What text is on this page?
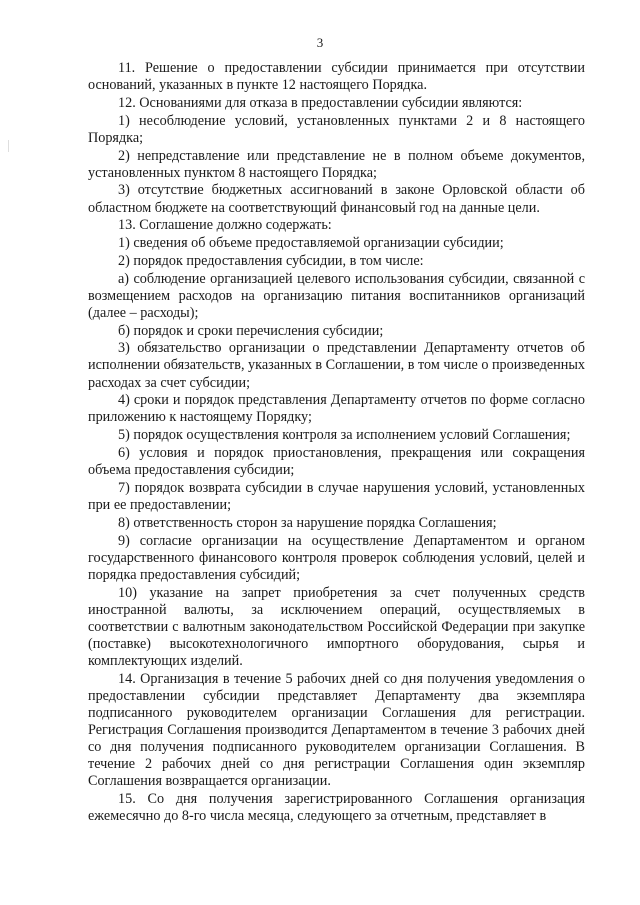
3

11. Решение о предоставлении субсидии принимается при отсутствии оснований, указанных в пункте 12 настоящего Порядка.

12. Основаниями для отказа в предоставлении субсидии являются:

1) несоблюдение условий, установленных пунктами 2 и 8 настоящего Порядка;

2) непредставление или представление не в полном объеме документов, установленных пунктом 8 настоящего Порядка;

3) отсутствие бюджетных ассигнований в законе Орловской области об областном бюджете на соответствующий финансовый год на данные цели.

13. Соглашение должно содержать:

1) сведения об объеме предоставляемой организации субсидии;

2) порядок предоставления субсидии, в том числе:

а) соблюдение организацией целевого использования субсидии, связанной с возмещением расходов на организацию питания воспитанников организаций (далее – расходы);

б) порядок и сроки перечисления субсидии;

3) обязательство организации о представлении Департаменту отчетов об исполнении обязательств, указанных в Соглашении, в том числе о произведенных расходах за счет субсидии;

4) сроки и порядок представления Департаменту отчетов по форме согласно приложению к настоящему Порядку;

5) порядок осуществления контроля за исполнением условий Соглашения;

6) условия и порядок приостановления, прекращения или сокращения объема предоставления субсидии;

7) порядок возврата субсидии в случае нарушения условий, установленных при ее предоставлении;

8) ответственность сторон за нарушение порядка Соглашения;

9) согласие организации на осуществление Департаментом и органом государственного финансового контроля проверок соблюдения условий, целей и порядка предоставления субсидий;

10) указание на запрет приобретения за счет полученных средств иностранной валюты, за исключением операций, осуществляемых в соответствии с валютным законодательством Российской Федерации при закупке (поставке) высокотехнологичного импортного оборудования, сырья и комплектующих изделий.

14. Организация в течение 5 рабочих дней со дня получения уведомления о предоставлении субсидии представляет Департаменту два экземпляра подписанного руководителем организации Соглашения для регистрации. Регистрация Соглашения производится Департаментом в течение 3 рабочих дней со дня получения подписанного руководителем организации Соглашения. В течение 2 рабочих дней со дня регистрации Соглашения один экземпляр Соглашения возвращается организации.

15. Со дня получения зарегистрированного Соглашения организация ежемесячно до 8-го числа месяца, следующего за отчетным, представляет в
